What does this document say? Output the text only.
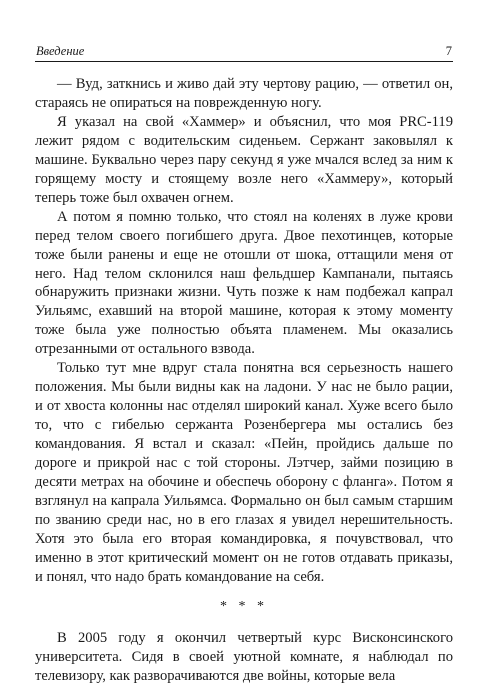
Введение	7

— Вуд, заткнись и живо дай эту чертову рацию, — ответил он, стараясь не опираться на поврежденную ногу.

Я указал на свой «Хаммер» и объяснил, что моя PRC-119 лежит рядом с водительским сиденьем. Сержант заковылял к машине. Буквально через пару секунд я уже мчался вслед за ним к горящему мосту и стоящему возле него «Хаммеру», который теперь тоже был охвачен огнем.

А потом я помню только, что стоял на коленях в луже крови перед телом своего погибшего друга. Двое пехотинцев, которые тоже были ранены и еще не отошли от шока, оттащили меня от него. Над телом склонился наш фельдшер Кампанали, пытаясь обнаружить признаки жизни. Чуть позже к нам подбежал капрал Уильямс, ехавший на второй машине, которая к этому моменту тоже была уже полностью объята пламенем. Мы оказались отрезанными от остального взвода.

Только тут мне вдруг стала понятна вся серьезность нашего положения. Мы были видны как на ладони. У нас не было рации, и от хвоста колонны нас отделял широкий канал. Хуже всего было то, что с гибелью сержанта Розенбергера мы остались без командования. Я встал и сказал: «Пейн, пройдись дальше по дороге и прикрой нас с той стороны. Лэтчер, займи позицию в десяти метрах на обочине и обеспечь оборону с фланга». Потом я взглянул на капрала Уильямса. Формально он был самым старшим по званию среди нас, но в его глазах я увидел нерешительность. Хотя это была его вторая командировка, я почувствовал, что именно в этот критический момент он не готов отдавать приказы, и понял, что надо брать командование на себя.

* * *

В 2005 году я окончил четвертый курс Висконсинского университета. Сидя в своей уютной комнате, я наблюдал по телевизору, как разворачиваются две войны, которые вела
